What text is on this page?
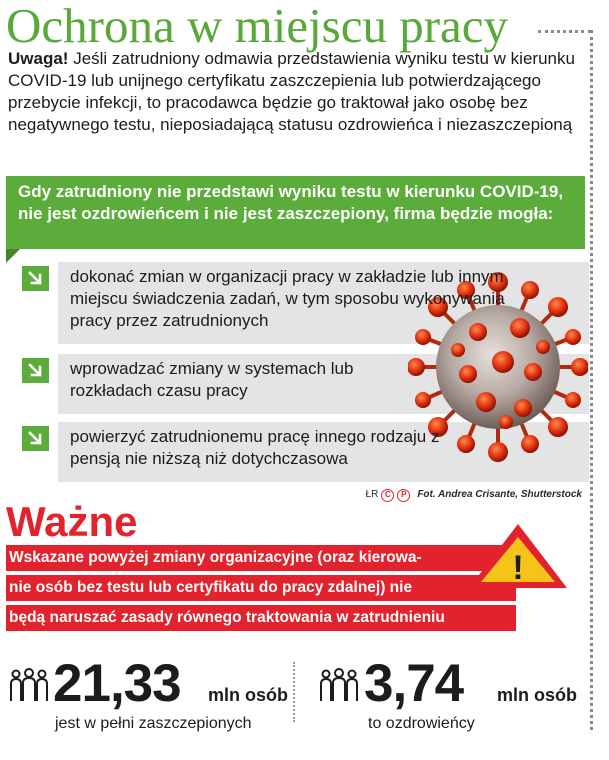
Ochrona w miejscu pracy

Uwaga! Jeśli zatrudniony odmawia przedstawienia wyniku testu w kierunku COVID-19 lub unijnego certyfikatu zaszczepienia lub potwierdzającego przebycie infekcji, to pracodawca będzie go traktował jako osobę bez negatywnego testu, nieposiadającą statusu ozdrowieńca i niezaszczepioną

Gdy zatrudniony nie przedstawi wyniku testu w kierunku COVID-19, nie jest ozdrowieńcem i nie jest zaszczepiony, firma będzie mogła:
dokonać zmian w organizacji pracy w zakładzie lub innym miejscu świadczenia zadań, w tym sposobu wykonywania pracy przez zatrudnionych
wprowadzać zmiany w systemach lub rozkładach czasu pracy
powierzyć zatrudnionemu pracę innego rodzaju z pensją nie niższą niż dotychczasowa
ŁR C	P	Fot. Andrea Crisante, Shutterstock
Ważne
Wskazane powyżej zmiany organizacyjne (oraz kierowa-
nie osób bez testu lub certyfikatu do pracy zdalnej) nie
będą naruszać zasady równego traktowania w zatrudnieniu
!
21,33 mln osób
jest w pełni zaszczepionych
3,74 mln osób
to ozdrowieńcy
